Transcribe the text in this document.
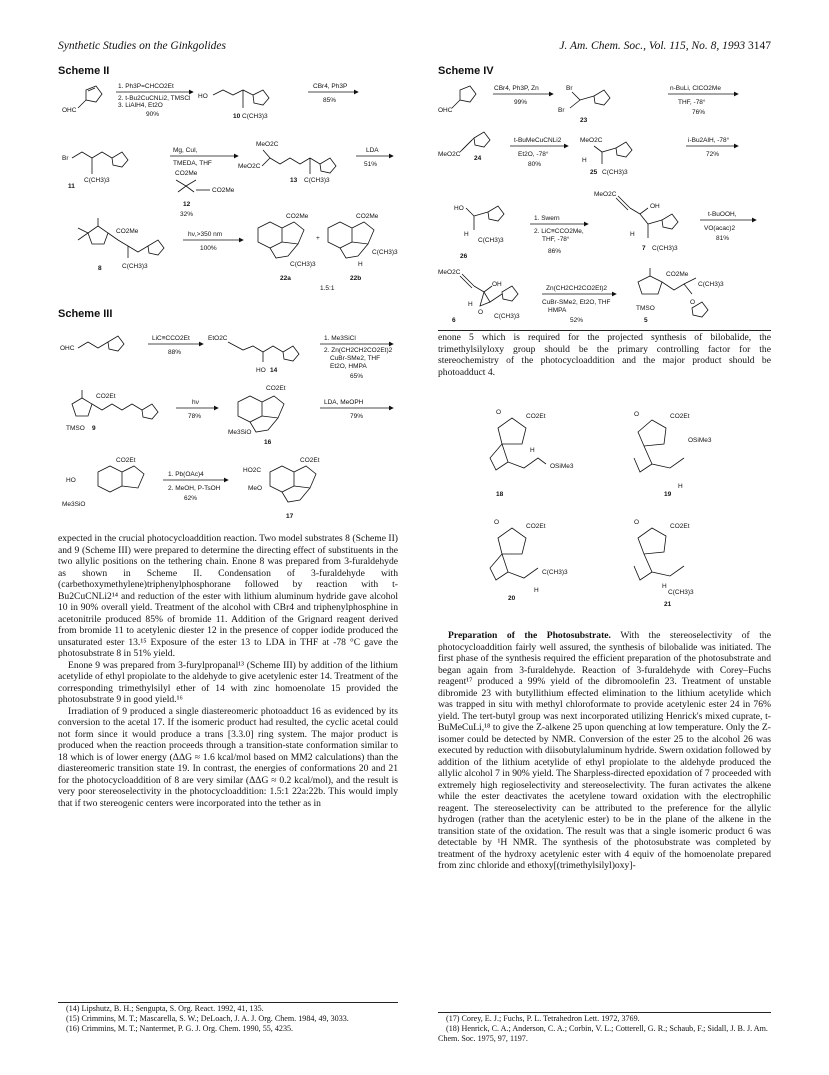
Synthetic Studies on the Ginkgolides	J. Am. Chem. Soc., Vol. 115, No. 8, 1993 3147
Scheme II
OHC
1. Ph3P=CHCO2Et
2. t-Bu2CuCNLi2, TMSCl
3. LiAlH4, Et2O
90%
HO
10 C(CH3)3
CBr4, Ph3P
85%
Br
11
C(CH3)3
Mg, CuI,
TMEDA, THF
CO2Me
CO2Me
12
32%
MeO2C
MeO2C
13 C(CH3)3
LDA
51%
CO2Me
8	C(CH3)3
hν,>350 nm
100%
CO2Me
C(CH3)3
22a
+
CO2Me
H
C(CH3)3
22b
1.5:1
Scheme III
OHC
LiC≡CCO2Et
88%
EtO2C
HO 14
1. Me3SiCl
2. Zn(CH2CH2CO2Et)2
CuBr-SMe2, THF
Et2O, HMPA
65%
CO2Et
TMSO 9
hν
78%
CO2Et
Me3SiO
16
LDA, MeOPH
79%
HO
CO2Et
Me3SiO
1. Pb(OAc)4
2. MeOH, P-TsOH
62%
HO2C
MeO
CO2Et
17
Scheme IV
OHC
CBr4, Ph3P, Zn
99%
Br
Br
23
n-BuLi, ClCO2Me
THF, -78°
76%
MeO2C
24
t-BuMeCuCNLi2
Et2O, -78°
80%
MeO2C
H
25 C(CH3)3
i-Bu2AlH, -78°
72%
HO
H
C(CH3)3
26
1. Swern
2. LiC≡CCO2Me,
THF, -78°
86%
MeO2C
OH
H
7 C(CH3)3
t-BuOOH,
VO(acac)2
81%
MeO2C
OH
O
H
6
C(CH3)3
Zn(CH2CH2CO2Et)2
CuBr-SMe2, Et2O, THF
HMPA
52%
CO2Me
C(CH3)3
O
TMSO
5

enone 5 which is required for the projected synthesis of bilobalide, the trimethylsilyloxy group should be the primary controlling factor for the stereochemistry of the photocycloaddition and the major product should be photoadduct 4.

O
CO2Et
H
OSiMe3
18
O	CO2Et
OSiMe3
H
19
O
CO2Et
C(CH3)3
H
20
O
CO2Et
H
C(CH3)3
21

expected in the crucial photocycloaddition reaction. Two model substrates 8 (Scheme II) and 9 (Scheme III) were prepared to determine the directing effect of substituents in the two allylic positions on the tethering chain. Enone 8 was prepared from 3-furaldehyde as shown in Scheme II. Condensation of 3-furaldehyde with (carbethoxymethylene)triphenylphosphorane followed by reaction with t-Bu2CuCNLi2¹⁴ and reduction of the ester with lithium aluminum hydride gave alcohol 10 in 90% overall yield. Treatment of the alcohol with CBr4 and triphenylphosphine in acetonitrile produced 85% of bromide 11. Addition of the Grignard reagent derived from bromide 11 to acetylenic diester 12 in the presence of copper iodide produced the unsaturated ester 13.¹⁵ Exposure of the ester 13 to LDA in THF at -78 °C gave the photosubstrate 8 in 51% yield.

Enone 9 was prepared from 3-furylpropanal¹³ (Scheme III) by addition of the lithium acetylide of ethyl propiolate to the aldehyde to give acetylenic ester 14. Treatment of the corresponding trimethylsilyl ether of 14 with zinc homoenolate 15 provided the photosubstrate 9 in good yield.¹⁶

Irradiation of 9 produced a single diastereomeric photoadduct 16 as evidenced by its conversion to the acetal 17. If the isomeric product had resulted, the cyclic acetal could not form since it would produce a trans [3.3.0] ring system. The major product is produced when the reaction proceeds through a transition-state conformation similar to 18 which is of lower energy (ΔΔG ≈ 1.6 kcal/mol based on MM2 calculations) than the diastereomeric transition state 19. In contrast, the energies of conformations 20 and 21 for the photocycloaddition of 8 are very similar (ΔΔG ≈ 0.2 kcal/mol), and the result is very poor stereoselectivity in the photocycloaddition: 1.5:1 22a:22b. This would imply that if two stereogenic centers were incorporated into the tether as in

Preparation of the Photosubstrate. With the stereoselectivity of the photocycloaddition fairly well assured, the synthesis of bilobalide was initiated. The first phase of the synthesis required the efficient preparation of the photosubstrate and began again from 3-furaldehyde. Reaction of 3-furaldehyde with Corey–Fuchs reagent¹⁷ produced a 99% yield of the dibromoolefin 23. Treatment of unstable dibromide 23 with butyllithium effected elimination to the lithium acetylide which was trapped in situ with methyl chloroformate to provide acetylenic ester 24 in 76% yield. The tert-butyl group was next incorporated utilizing Henrick's mixed cuprate, t-BuMeCuLi,¹⁸ to give the Z-alkene 25 upon quenching at low temperature. Only the Z-isomer could be detected by NMR. Conversion of the ester 25 to the alcohol 26 was executed by reduction with diisobutylaluminum hydride. Swern oxidation followed by addition of the lithium acetylide of ethyl propiolate to the aldehyde produced the allylic alcohol 7 in 90% yield. The Sharpless-directed epoxidation of 7 proceeded with extremely high regioselectivity and stereoselectivity. The furan activates the alkene while the ester deactivates the acetylene toward oxidation with the electrophilic reagent. The stereoselectivity can be attributed to the preference for the allylic hydrogen (rather than the acetylenic ester) to be in the plane of the alkene in the transition state of the oxidation. The result was that a single isomeric product 6 was detectable by ¹H NMR. The synthesis of the photosubstrate was completed by treatment of the hydroxy acetylenic ester with 4 equiv of the homoenolate prepared from zinc chloride and ethoxy[(trimethylsilyl)oxy]-

(14) Lipshutz, B. H.; Sengupta, S. Org. React. 1992, 41, 135.

(15) Crimmins, M. T.; Mascarella, S. W.; DeLoach, J. A. J. Org. Chem. 1984, 49, 3033.

(16) Crimmins, M. T.; Nantermet, P. G. J. Org. Chem. 1990, 55, 4235.

(17) Corey, E. J.; Fuchs, P. L. Tetrahedron Lett. 1972, 3769.

(18) Henrick, C. A.; Anderson, C. A.; Corbin, V. L.; Cotterell, G. R.; Schaub, F.; Sidall, J. B. J. Am. Chem. Soc. 1975, 97, 1197.
